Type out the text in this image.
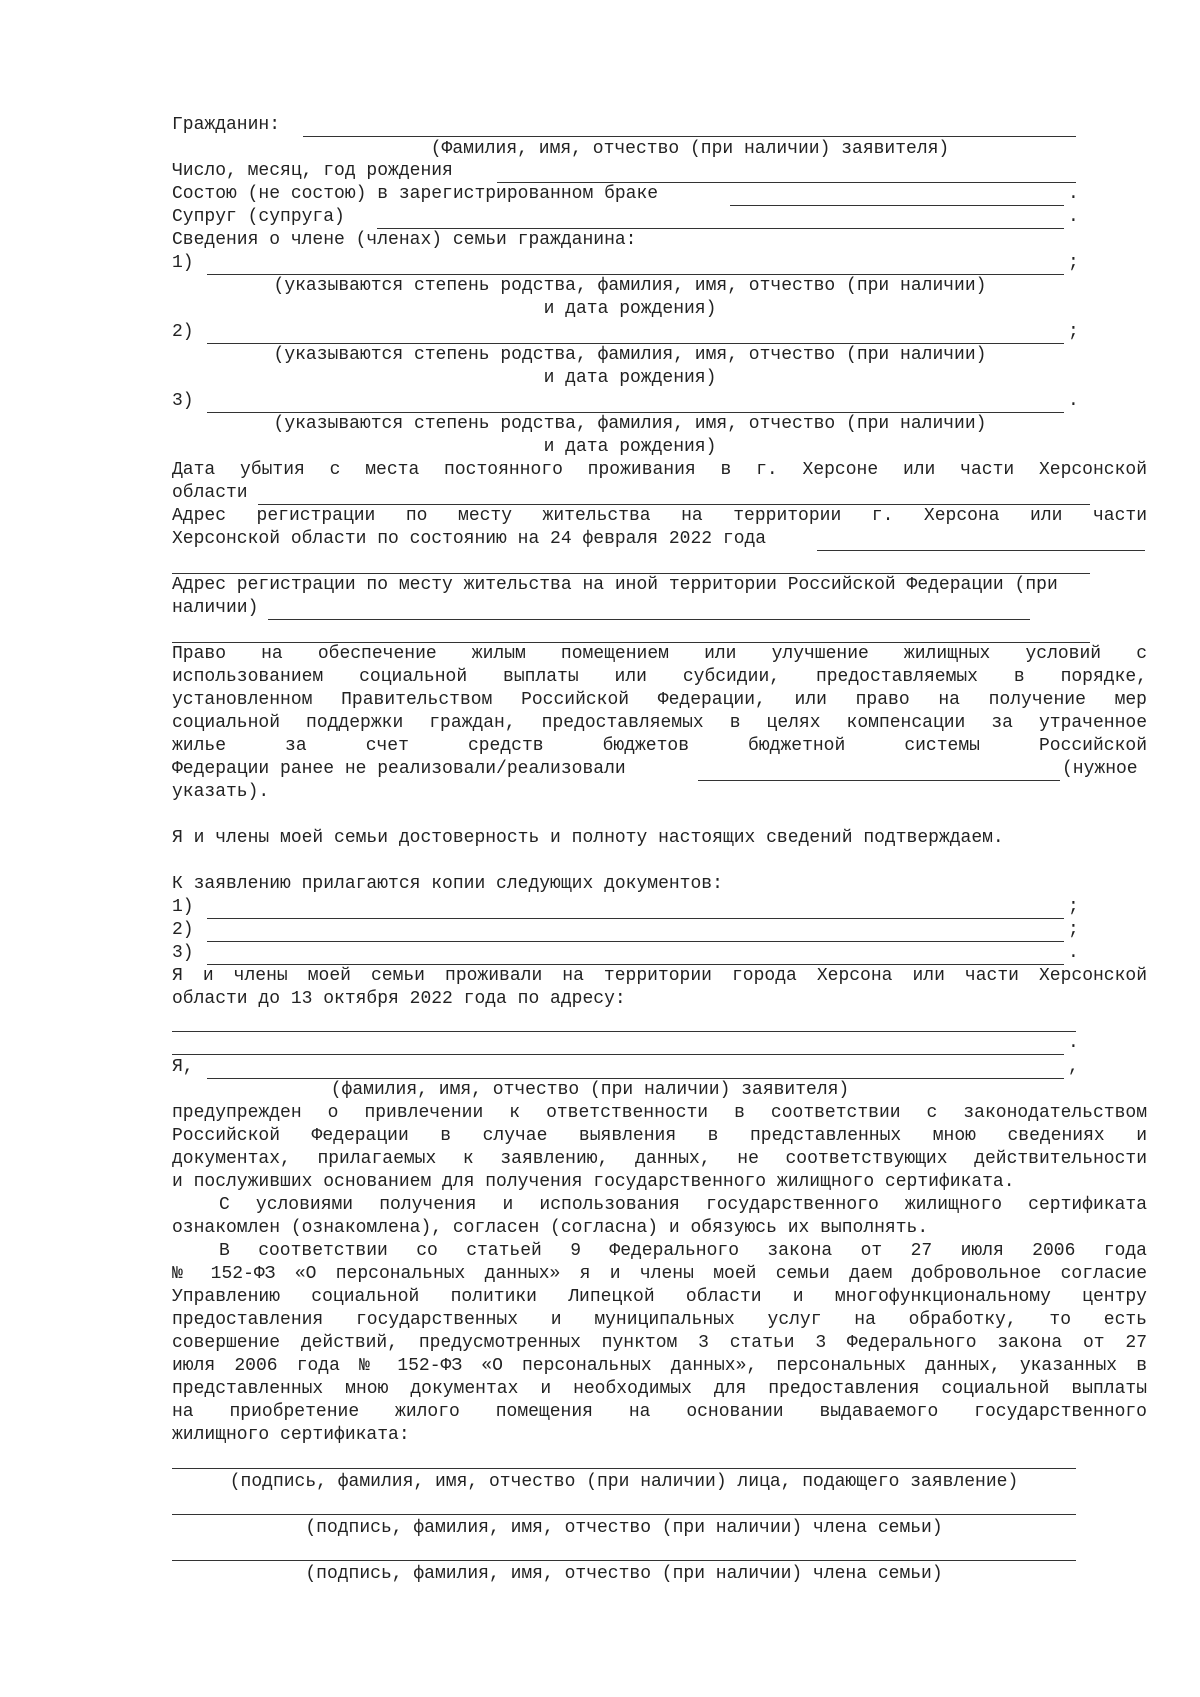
Гражданин:
(Фамилия, имя, отчество (при наличии) заявителя)
Число, месяц, год рождения
Состою (не состою) в зарегистрированном браке	.
Супруг (супруга)	.
Сведения о члене (членах) семьи гражданина:
1)	;
(указываются степень родства, фамилия, имя, отчество (при наличии)
и дата рождения)
2)	;
(указываются степень родства, фамилия, имя, отчество (при наличии)
и дата рождения)
3)	.
(указываются степень родства, фамилия, имя, отчество (при наличии)
и дата рождения)
Дата убытия с места постоянного проживания в г. Херсоне или части Херсонской
области
Адрес регистрации по месту жительства на территории г. Херсона или части
Херсонской области по состоянию на 24 февраля 2022 года
Адрес регистрации по месту жительства на иной территории Российской Федерации (при
наличии)
Право на обеспечение жилым помещением или улучшение жилищных условий с
использованием социальной выплаты или субсидии, предоставляемых в порядке,
установленном Правительством Российской Федерации, или право на получение мер
социальной поддержки граждан, предоставляемых в целях компенсации за утраченное
жилье за счет средств бюджетов бюджетной системы Российской
Федерации ранее не реализовали/реализовали	(нужное
указать).
Я и члены моей семьи достоверность и полноту настоящих сведений подтверждаем.
К заявлению прилагаются копии следующих документов:
1)	;
2)	;
3)	.
Я и члены моей семьи проживали на территории города Херсона или части Херсонской
области до 13 октября 2022 года по адресу:
.
Я,	,
(фамилия, имя, отчество (при наличии) заявителя)
предупрежден о привлечении к ответственности в соответствии с законодательством
Российской Федерации в случае выявления в представленных мною сведениях и
документах, прилагаемых к заявлению, данных, не соответствующих действительности
и послуживших основанием для получения государственного жилищного сертификата.
С условиями получения и использования государственного жилищного сертификата
ознакомлен (ознакомлена), согласен (согласна) и обязуюсь их выполнять.
В соответствии со статьей 9 Федерального закона от 27 июля 2006 года
№ 152-ФЗ «О персональных данных» я и члены моей семьи даем добровольное согласие
Управлению социальной политики Липецкой области и многофункциональному центру
предоставления государственных и муниципальных услуг на обработку, то есть
совершение действий, предусмотренных пунктом 3 статьи 3 Федерального закона от 27
июля 2006 года № 152-ФЗ «О персональных данных», персональных данных, указанных в
представленных мною документах и необходимых для предоставления социальной выплаты
на приобретение жилого помещения на основании выдаваемого государственного
жилищного сертификата:
(подпись, фамилия, имя, отчество (при наличии) лица, подающего заявление)
(подпись, фамилия, имя, отчество (при наличии) члена семьи)
(подпись, фамилия, имя, отчество (при наличии) члена семьи)
